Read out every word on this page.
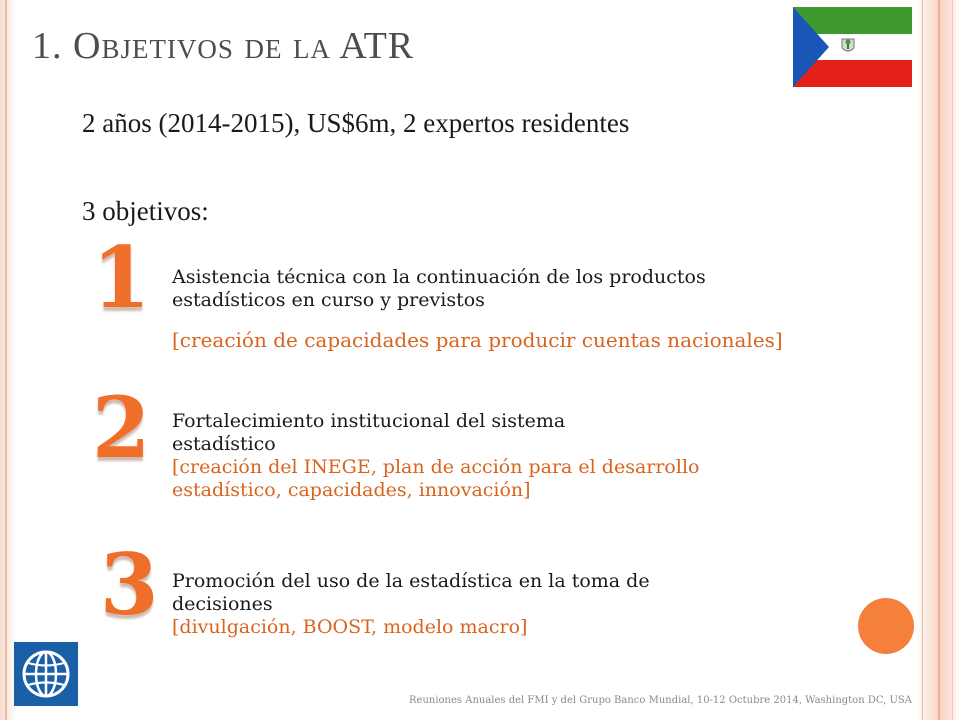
1. Objetivos de la ATR
2 años (2014-2015), US$6m, 2 expertos residentes
3 objetivos:
1 Asistencia técnica con la continuación de los productos estadísticos en curso y previstos
[creación de capacidades para producir cuentas nacionales]
2 Fortalecimiento institucional del sistema estadístico
[creación del INEGE, plan de acción para el desarrollo estadístico, capacidades, innovación]
3 Promoción del uso de la estadística en la toma de decisiones
[divulgación, BOOST, modelo macro]
Reuniones Anuales del FMI y del Grupo Banco Mundial, 10-12 Octubre 2014, Washington DC, USA
